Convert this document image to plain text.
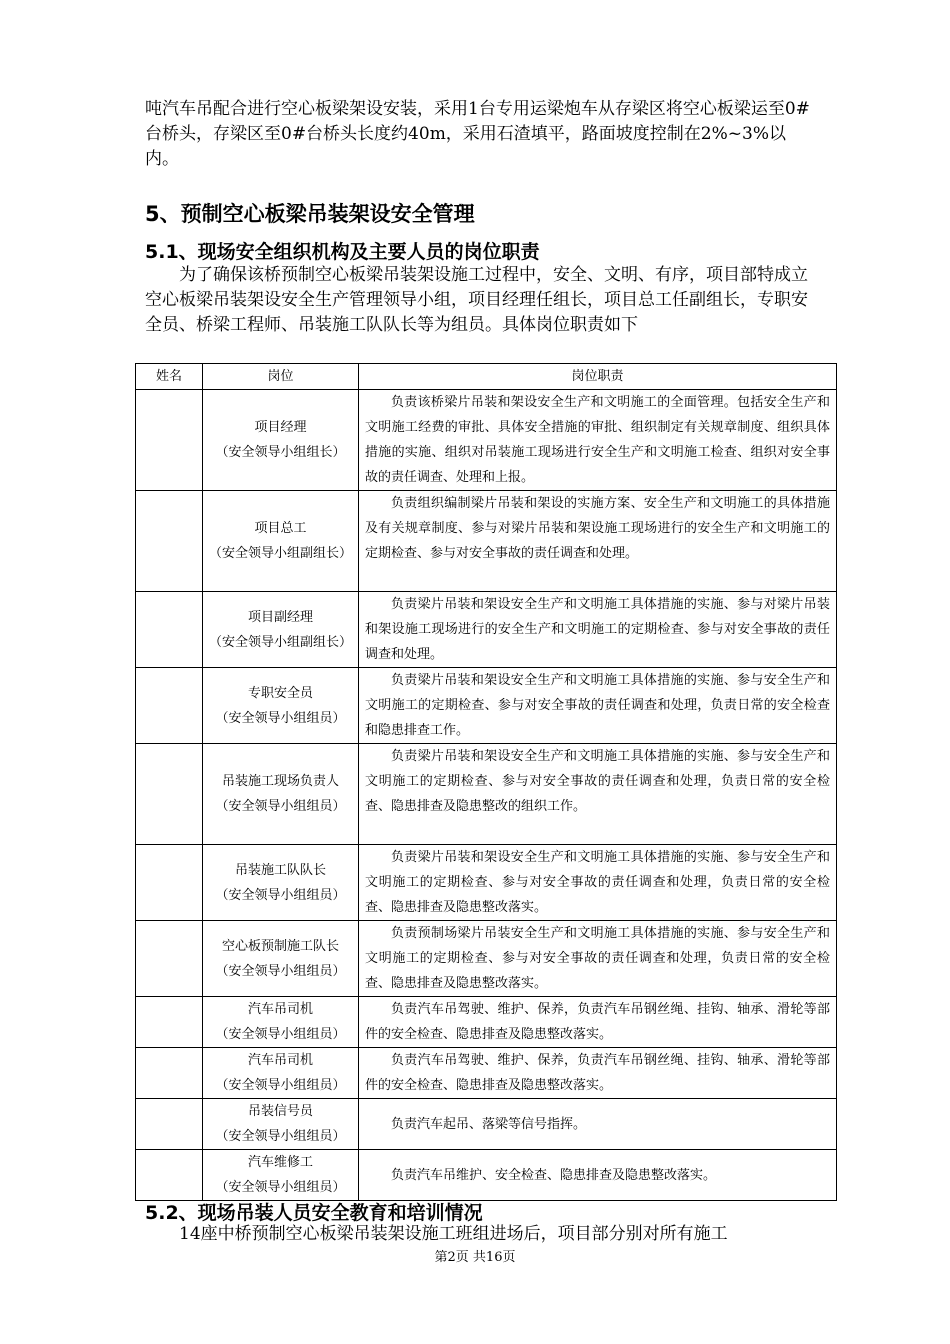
吨汽车吊配合进行空心板梁架设安装，采用1台专用运梁炮车从存梁区将空心板梁运至0#台桥头，存梁区至0#台桥头长度约40m，采用石渣填平，路面坡度控制在2%~3%以内。

5、预制空心板梁吊装架设安全管理
5.1、现场安全组织机构及主要人员的岗位职责

为了确保该桥预制空心板梁吊装架设施工过程中，安全、文明、有序，项目部特成立空心板梁吊装架设安全生产管理领导小组，项目经理任组长，项目总工任副组长，专职安全员、桥梁工程师、吊装施工队队长等为组员。具体岗位职责如下

姓名	岗位	岗位职责

	项目经理
（安全领导小组组长）	负责该桥梁片吊装和架设安全生产和文明施工的全面管理。包括安全生产和文明施工经费的审批、具体安全措施的审批、组织制定有关规章制度、组织具体措施的实施、组织对吊装施工现场进行安全生产和文明施工检查、组织对安全事故的责任调查、处理和上报。

	项目总工
（安全领导小组副组长）	负责组织编制梁片吊装和架设的实施方案、安全生产和文明施工的具体措施及有关规章制度、参与对梁片吊装和架设施工现场进行的安全生产和文明施工的定期检查、参与对安全事故的责任调查和处理。

	项目副经理
（安全领导小组副组长）	负责梁片吊装和架设安全生产和文明施工具体措施的实施、参与对梁片吊装和架设施工现场进行的安全生产和文明施工的定期检查、参与对安全事故的责任调查和处理。

	专职安全员
（安全领导小组组员）	负责梁片吊装和架设安全生产和文明施工具体措施的实施、参与安全生产和文明施工的定期检查、参与对安全事故的责任调查和处理，负责日常的安全检查和隐患排查工作。

	吊装施工现场负责人
（安全领导小组组员）	负责梁片吊装和架设安全生产和文明施工具体措施的实施、参与安全生产和文明施工的定期检查、参与对安全事故的责任调查和处理，负责日常的安全检查、隐患排查及隐患整改的组织工作。

	吊装施工队队长
（安全领导小组组员）	负责梁片吊装和架设安全生产和文明施工具体措施的实施、参与安全生产和文明施工的定期检查、参与对安全事故的责任调查和处理，负责日常的安全检查、隐患排查及隐患整改落实。

	空心板预制施工队长
（安全领导小组组员）	负责预制场梁片吊装安全生产和文明施工具体措施的实施、参与安全生产和文明施工的定期检查、参与对安全事故的责任调查和处理，负责日常的安全检查、隐患排查及隐患整改落实。

	汽车吊司机
（安全领导小组组员）	负责汽车吊驾驶、维护、保养，负责汽车吊钢丝绳、挂钩、轴承、滑轮等部件的安全检查、隐患排查及隐患整改落实。

	汽车吊司机
（安全领导小组组员）	负责汽车吊驾驶、维护、保养，负责汽车吊钢丝绳、挂钩、轴承、滑轮等部件的安全检查、隐患排查及隐患整改落实。

	吊装信号员
（安全领导小组组员）	负责汽车起吊、落梁等信号指挥。

	汽车维修工
（安全领导小组组员）	负责汽车吊维护、安全检查、隐患排查及隐患整改落实。
5.2、现场吊装人员安全教育和培训情况

14座中桥预制空心板梁吊装架设施工班组进场后，项目部分别对所有施工

第2页 共16页
